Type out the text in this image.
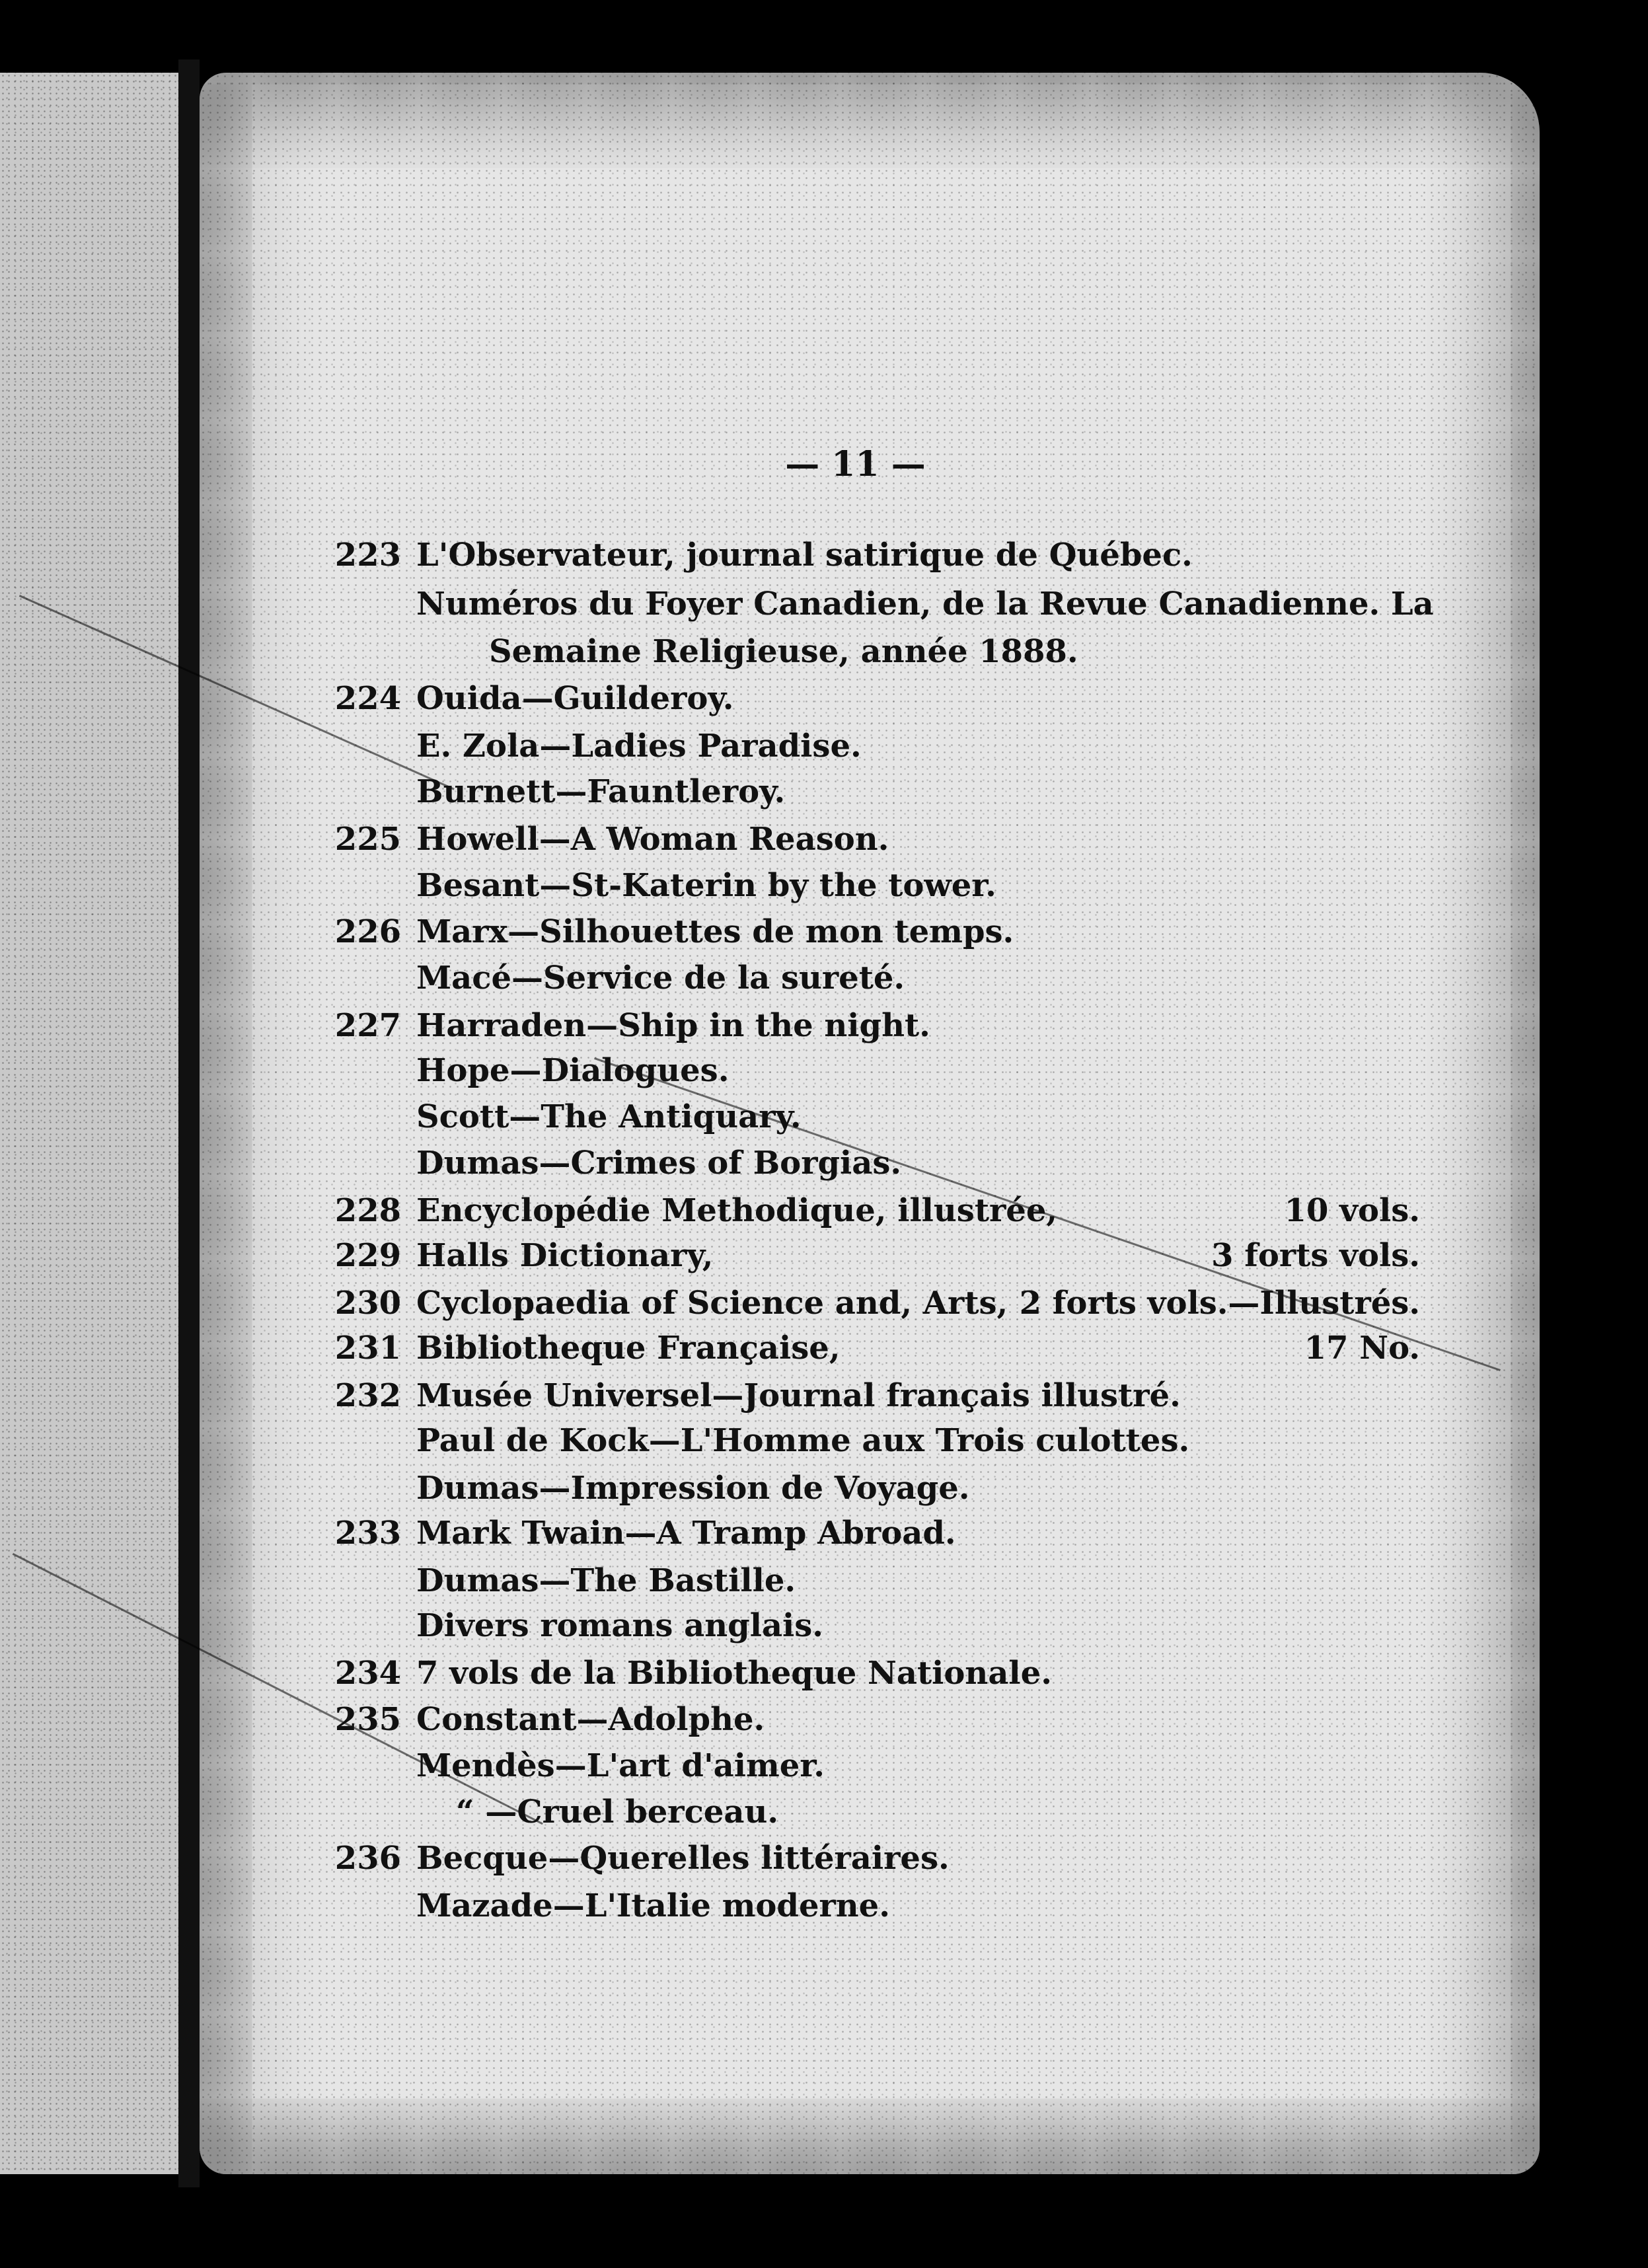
— 11 —
223 L'Observateur, journal satirique de Québec.
Numéros du Foyer Canadien, de la Revue Canadienne. La
Semaine Religieuse, année 1888.
224 Ouida—Guilderoy.
E. Zola—Ladies Paradise.
Burnett—Fauntleroy.
225 Howell—A Woman Reason.
Besant—St-Katerin by the tower.
226 Marx—Silhouettes de mon temps.
Macé—Service de la sureté.
227 Harraden—Ship in the night.
Hope—Dialogues.
Scott—The Antiquary.
Dumas—Crimes of Borgias.
228 Encyclopédie Methodique, illustrée,	10 vols.
229 Halls Dictionary,	3 forts vols.
230 Cyclopaedia of Science and, Arts, 2 forts vols.—Illustrés.
231 Bibliotheque Française,	17 No.
232 Musée Universel—Journal français illustré.
Paul de Kock—L'Homme aux Trois culottes.
Dumas—Impression de Voyage.
233 Mark Twain—A Tramp Abroad.
Dumas—The Bastille.
Divers romans anglais.
234 7 vols de la Bibliotheque Nationale.
235 Constant—Adolphe.
Mendès—L'art d'aimer.
“ —Cruel berceau.
236 Becque—Querelles littéraires.
Mazade—L'Italie moderne.
